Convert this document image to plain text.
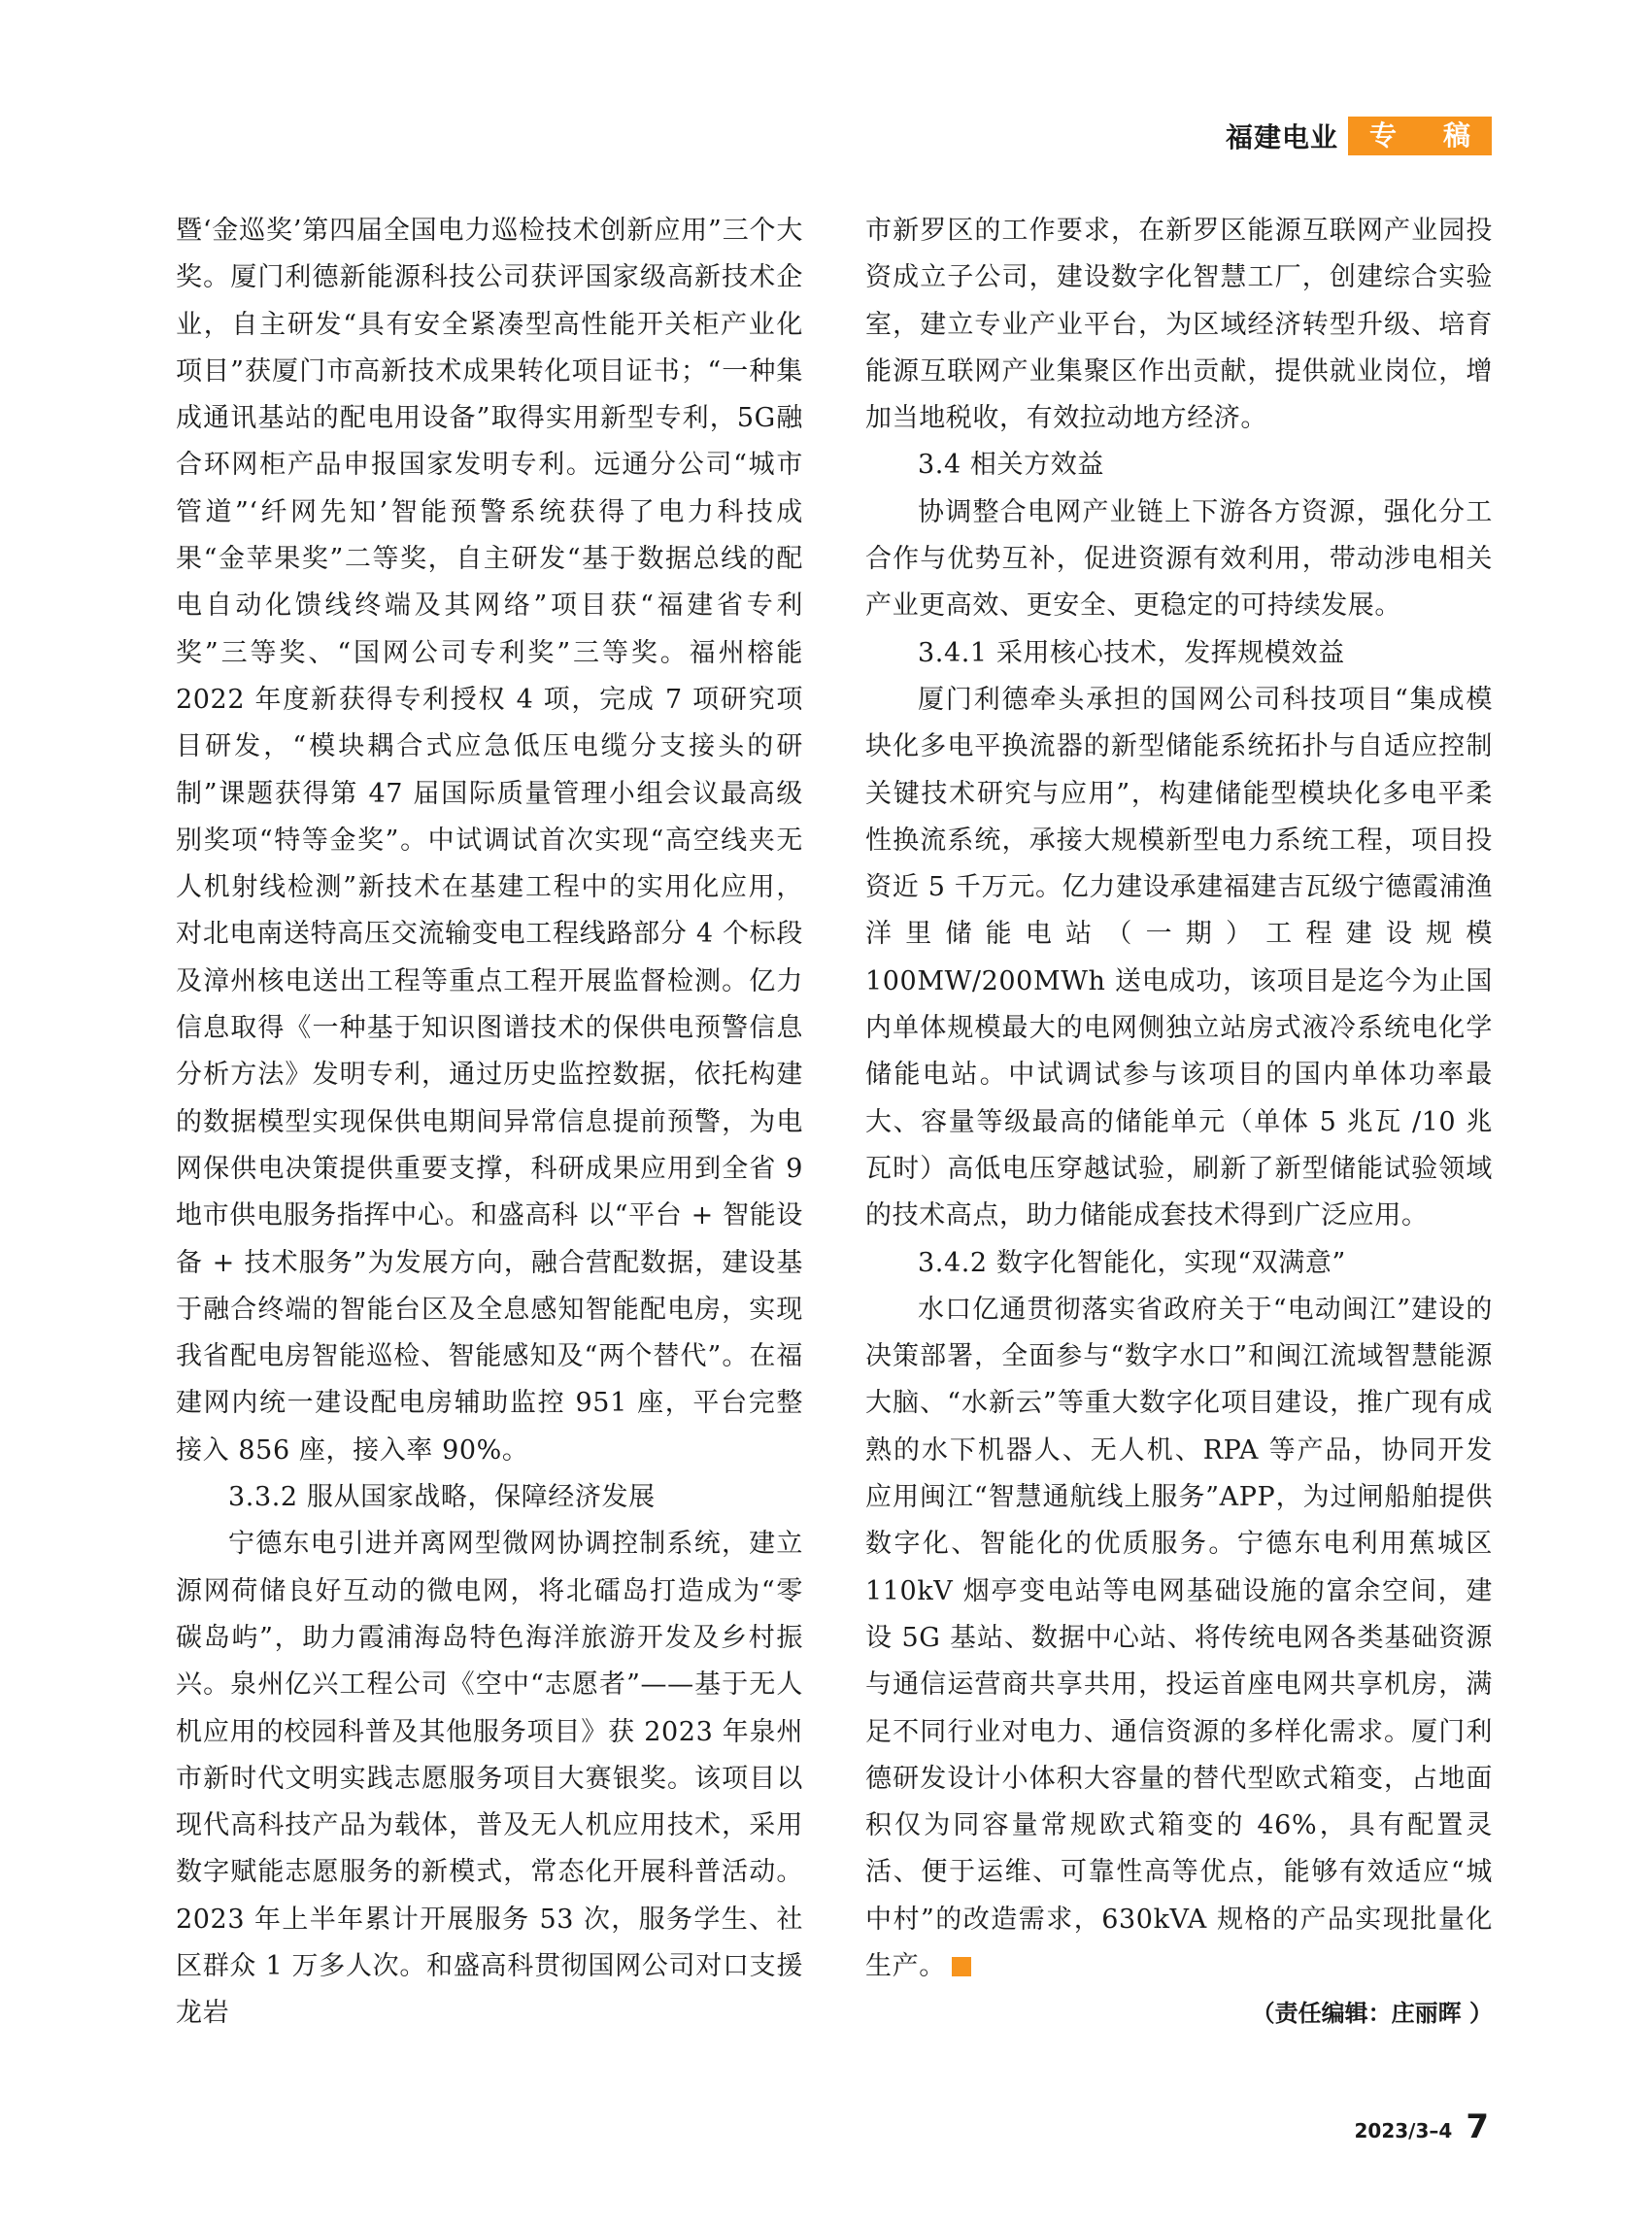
福建电业 专 稿

暨‘金巡奖’第四届全国电力巡检技术创新应用”三个大奖。厦门利德新能源科技公司获评国家级高新技术企业，自主研发“具有安全紧凑型高性能开关柜产业化项目”获厦门市高新技术成果转化项目证书；“一种集成通讯基站的配电用设备”取得实用新型专利，5G融合环网柜产品申报国家发明专利。远通分公司“城市管道”‘纤网先知’智能预警系统获得了电力科技成果“金苹果奖”二等奖，自主研发“基于数据总线的配电自动化馈线终端及其网络”项目获“福建省专利奖”三等奖、“国网公司专利奖”三等奖。福州榕能 2022 年度新获得专利授权 4 项，完成 7 项研究项目研发，“模块耦合式应急低压电缆分支接头的研制”课题获得第 47 届国际质量管理小组会议最高级别奖项“特等金奖”。中试调试首次实现“高空线夹无人机射线检测”新技术在基建工程中的实用化应用，对北电南送特高压交流输变电工程线路部分 4 个标段及漳州核电送出工程等重点工程开展监督检测。亿力信息取得《一种基于知识图谱技术的保供电预警信息分析方法》发明专利，通过历史监控数据，依托构建的数据模型实现保供电期间异常信息提前预警，为电网保供电决策提供重要支撑，科研成果应用到全省 9 地市供电服务指挥中心。和盛高科 以“平台 + 智能设备 + 技术服务”为发展方向，融合营配数据，建设基于融合终端的智能台区及全息感知智能配电房，实现我省配电房智能巡检、智能感知及“两个替代”。在福建网内统一建设配电房辅助监控 951 座，平台完整接入 856 座，接入率 90%。

3.3.2 服从国家战略，保障经济发展

宁德东电引进并离网型微网协调控制系统，建立源网荷储良好互动的微电网，将北礌岛打造成为“零碳岛屿”，助力霞浦海岛特色海洋旅游开发及乡村振兴。泉州亿兴工程公司《空中“志愿者”——基于无人机应用的校园科普及其他服务项目》获 2023 年泉州市新时代文明实践志愿服务项目大赛银奖。该项目以现代高科技产品为载体，普及无人机应用技术，采用数字赋能志愿服务的新模式，常态化开展科普活动。2023 年上半年累计开展服务 53 次，服务学生、社区群众 1 万多人次。和盛高科贯彻国网公司对口支援龙岩

市新罗区的工作要求，在新罗区能源互联网产业园投资成立子公司，建设数字化智慧工厂，创建综合实验室，建立专业产业平台，为区域经济转型升级、培育能源互联网产业集聚区作出贡献，提供就业岗位，增加当地税收，有效拉动地方经济。

3.4 相关方效益

协调整合电网产业链上下游各方资源，强化分工合作与优势互补，促进资源有效利用，带动涉电相关产业更高效、更安全、更稳定的可持续发展。

3.4.1 采用核心技术，发挥规模效益

厦门利德牵头承担的国网公司科技项目“集成模块化多电平换流器的新型储能系统拓扑与自适应控制关键技术研究与应用”，构建储能型模块化多电平柔性换流系统，承接大规模新型电力系统工程，项目投资近 5 千万元。亿力建设承建福建吉瓦级宁德霞浦渔洋里储能电站（一期）工程建设规模 100MW/200MWh 送电成功，该项目是迄今为止国内单体规模最大的电网侧独立站房式液冷系统电化学储能电站。中试调试参与该项目的国内单体功率最大、容量等级最高的储能单元（单体 5 兆瓦 /10 兆瓦时）高低电压穿越试验，刷新了新型储能试验领域的技术高点，助力储能成套技术得到广泛应用。

3.4.2 数字化智能化，实现“双满意”

水口亿通贯彻落实省政府关于“电动闽江”建设的决策部署，全面参与“数字水口”和闽江流域智慧能源大脑、“水新云”等重大数字化项目建设，推广现有成熟的水下机器人、无人机、RPA 等产品，协同开发应用闽江“智慧通航线上服务”APP，为过闸船舶提供数字化、智能化的优质服务。宁德东电利用蕉城区 110kV 烟亭变电站等电网基础设施的富余空间，建设 5G 基站、数据中心站、将传统电网各类基础资源与通信运营商共享共用，投运首座电网共享机房，满足不同行业对电力、通信资源的多样化需求。厦门利德研发设计小体积大容量的替代型欧式箱变，占地面积仅为同容量常规欧式箱变的 46%，具有配置灵活、便于运维、可靠性高等优点，能够有效适应“城中村”的改造需求，630kVA 规格的产品实现批量化生产。

（责任编辑：庄丽晖 ）

2023/3–4 7
